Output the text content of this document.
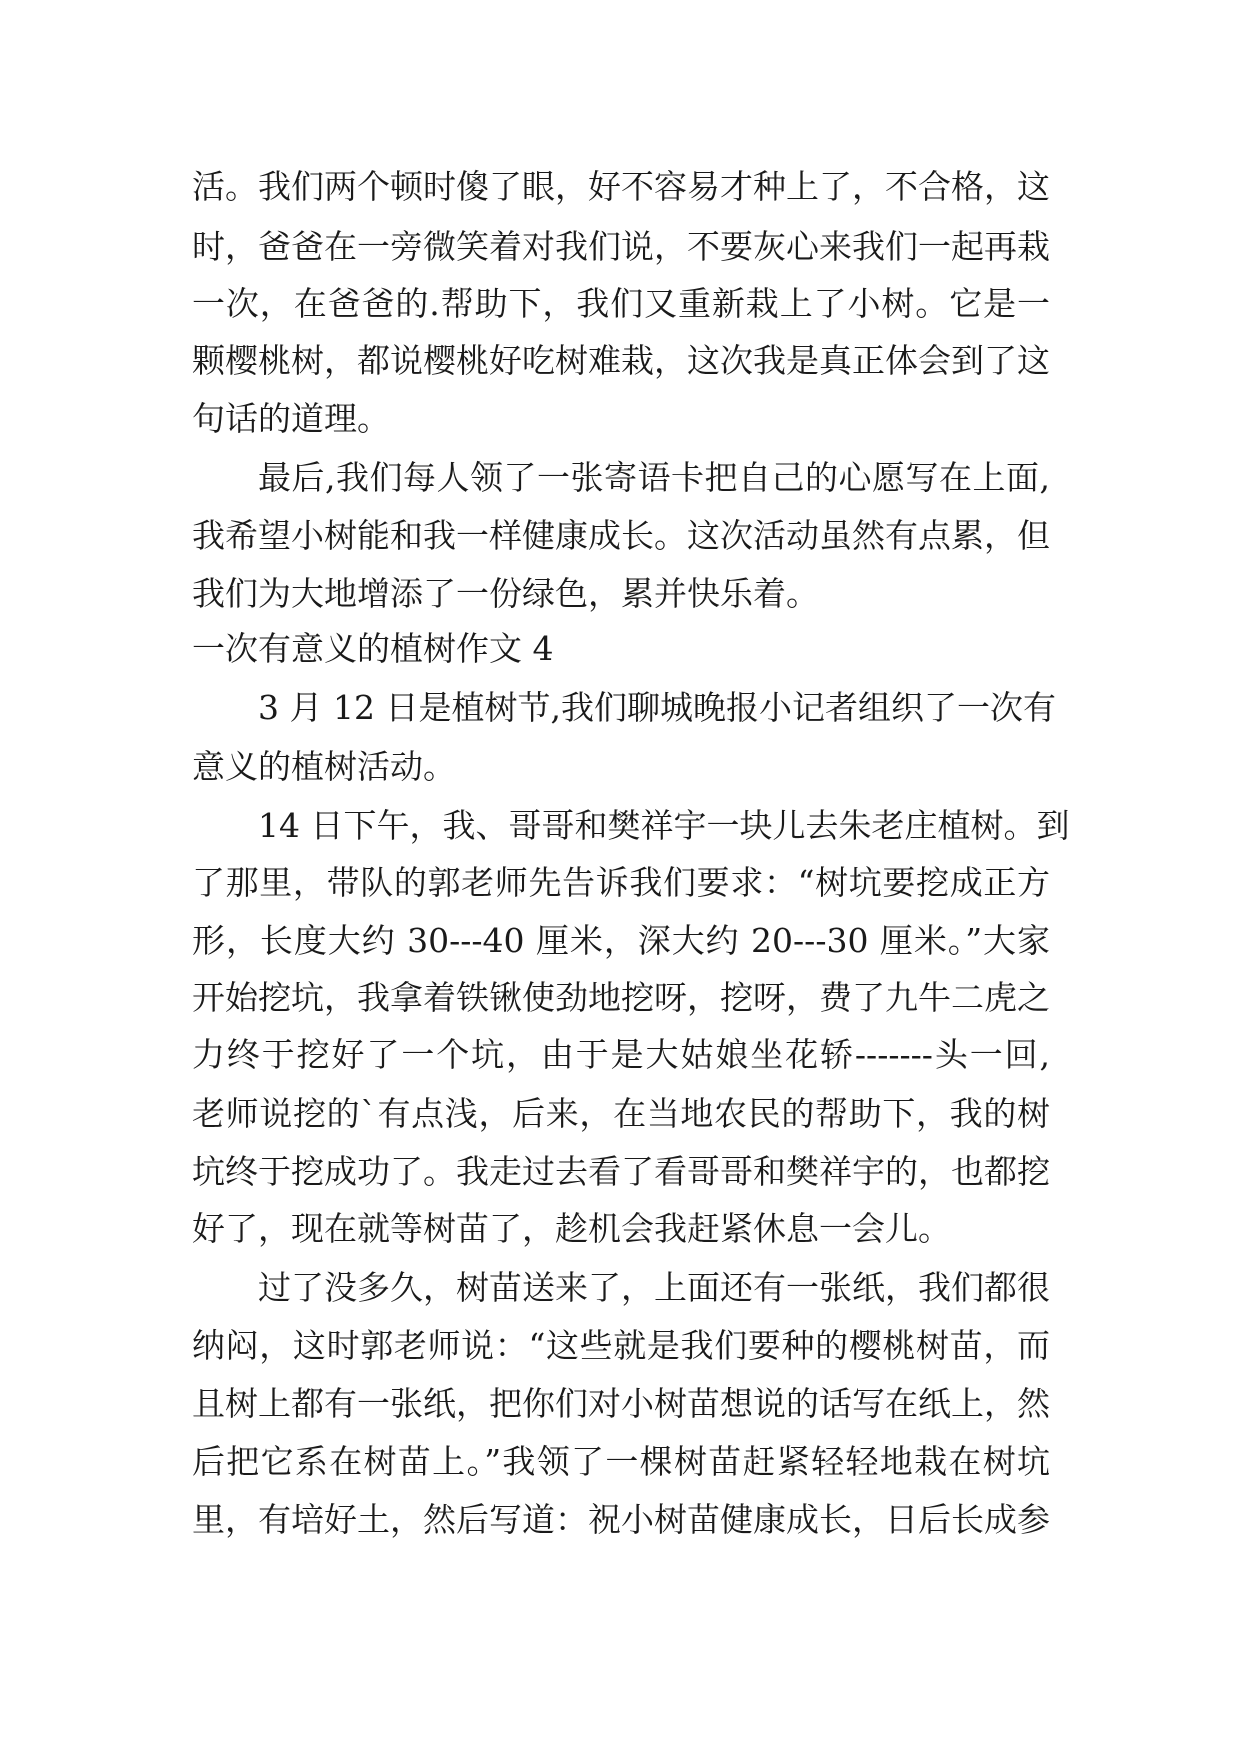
活。我们两个顿时傻了眼，好不容易才种上了，不合格，这
时，爸爸在一旁微笑着对我们说，不要灰心来我们一起再栽
一次，在爸爸的.帮助下，我们又重新栽上了小树。它是一
颗樱桃树，都说樱桃好吃树难栽，这次我是真正体会到了这
句话的道理。
最后,我们每人领了一张寄语卡把自己的心愿写在上面,
我希望小树能和我一样健康成长。这次活动虽然有点累，但
我们为大地增添了一份绿色，累并快乐着。
一次有意义的植树作文 4
3 月 12 日是植树节,我们聊城晚报小记者组织了一次有
意义的植树活动。
14 日下午，我、哥哥和樊祥宇一块儿去朱老庄植树。到
了那里，带队的郭老师先告诉我们要求：“树坑要挖成正方
形，长度大约 30---40 厘米，深大约 20---30 厘米。”大家
开始挖坑，我拿着铁锹使劲地挖呀，挖呀，费了九牛二虎之
力终于挖好了一个坑，由于是大姑娘坐花轿-------头一回,
老师说挖的`有点浅，后来，在当地农民的帮助下，我的树
坑终于挖成功了。我走过去看了看哥哥和樊祥宇的，也都挖
好了，现在就等树苗了，趁机会我赶紧休息一会儿。
过了没多久，树苗送来了，上面还有一张纸，我们都很
纳闷，这时郭老师说：“这些就是我们要种的樱桃树苗，而
且树上都有一张纸，把你们对小树苗想说的话写在纸上，然
后把它系在树苗上。”我领了一棵树苗赶紧轻轻地栽在树坑
里，有培好土，然后写道：祝小树苗健康成长，日后长成参
